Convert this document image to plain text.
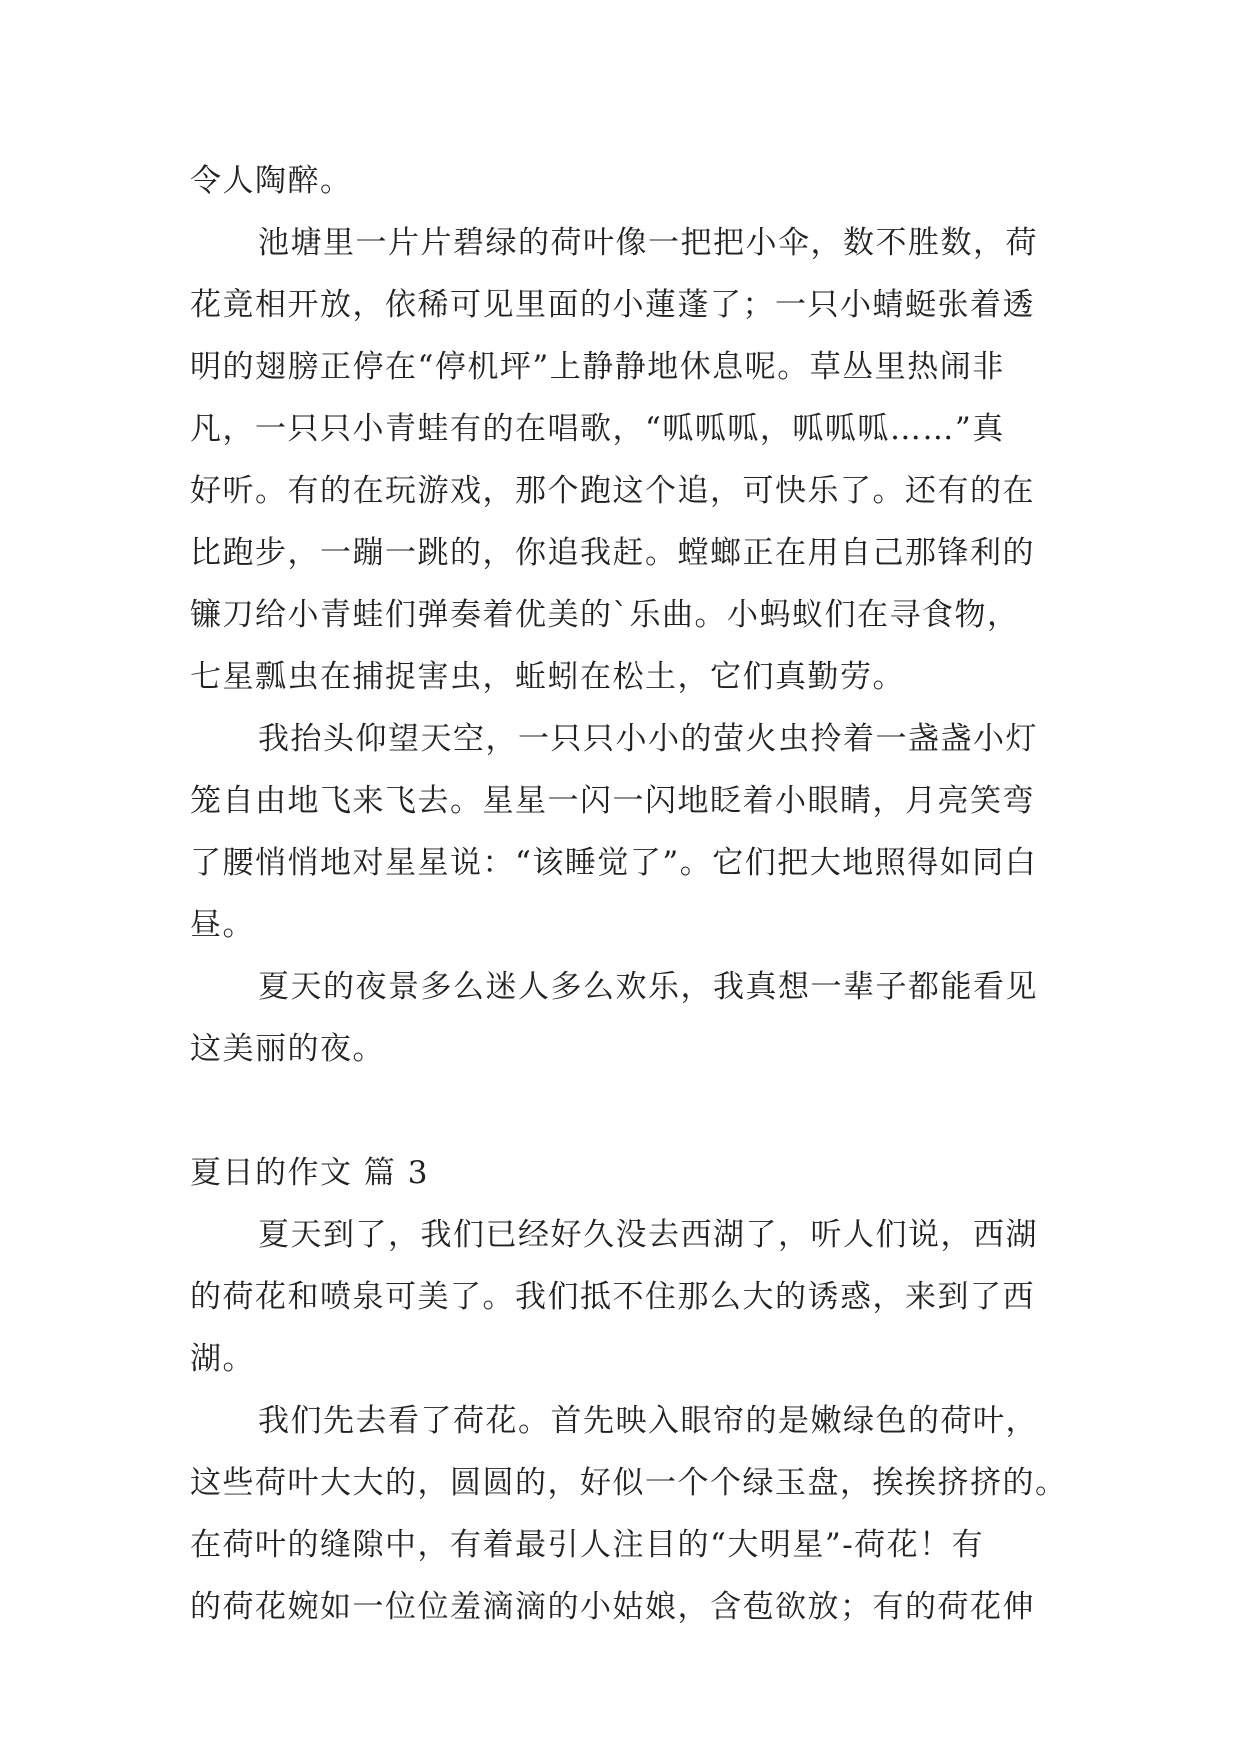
令人陶醉。
池塘里一片片碧绿的荷叶像一把把小伞，数不胜数，荷
花竟相开放，依稀可见里面的小蓮蓬了；一只小蜻蜓张着透
明的翅膀正停在“停机坪”上静静地休息呢。草丛里热闹非
凡，一只只小青蛙有的在唱歌，“呱呱呱，呱呱呱……”真
好听。有的在玩游戏，那个跑这个追，可快乐了。还有的在
比跑步，一蹦一跳的，你追我赶。螳螂正在用自己那锋利的
镰刀给小青蛙们弹奏着优美的`乐曲。小蚂蚁们在寻食物，
七星瓢虫在捕捉害虫，蚯蚓在松土，它们真勤劳。
我抬头仰望天空，一只只小小的萤火虫拎着一盏盏小灯
笼自由地飞来飞去。星星一闪一闪地眨着小眼睛，月亮笑弯
了腰悄悄地对星星说：“该睡觉了”。它们把大地照得如同白
昼。
夏天的夜景多么迷人多么欢乐，我真想一辈子都能看见
这美丽的夜。
夏日的作文 篇 3
夏天到了，我们已经好久没去西湖了，听人们说，西湖
的荷花和喷泉可美了。我们抵不住那么大的诱惑，来到了西
湖。
我们先去看了荷花。首先映入眼帘的是嫩绿色的荷叶，
这些荷叶大大的，圆圆的，好似一个个绿玉盘，挨挨挤挤的。
在荷叶的缝隙中，有着最引人注目的“大明星”-荷花！有
的荷花婉如一位位羞滴滴的小姑娘，含苞欲放；有的荷花伸
